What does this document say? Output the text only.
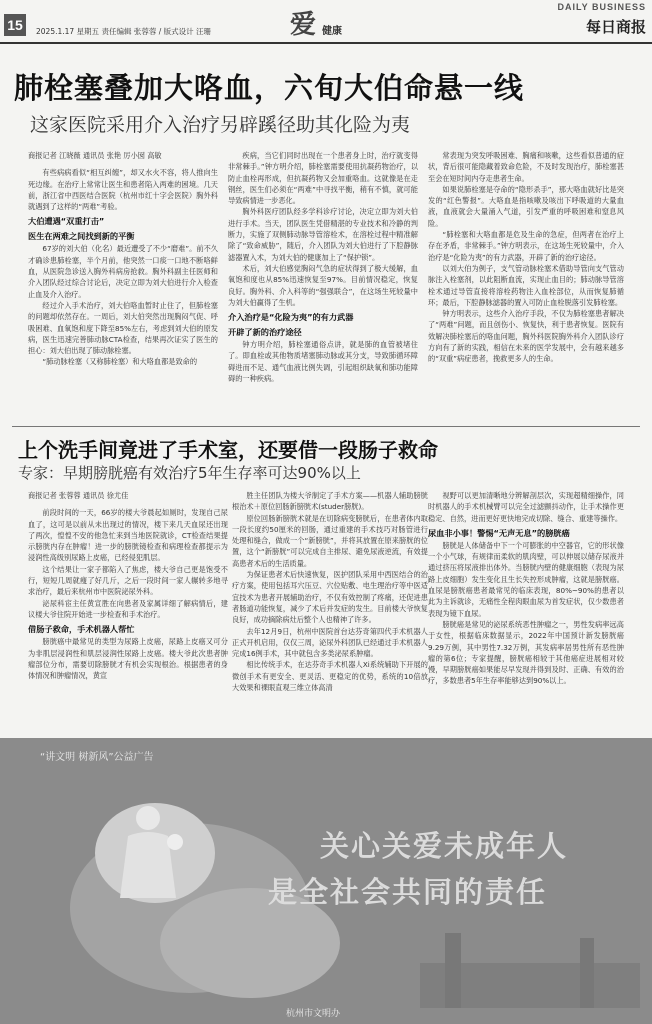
15	2025.1.17 星期五 责任编辑 张蓉蓉 / 版式设计 汪珊	爱 健康
DAILY BUSINESS
每日商报
肺栓塞叠加大咯血，六旬大伯命悬一线
这家医院采用介入治疗另辟蹊径助其化险为夷

商报记者 江晓薇 通讯员 张艳 厉小囡 高敏

有些病病看似“相互纠缠”，却又水火不容，将人推向生死边缘。在治疗上常常让医生和患者陷入两难的困境。几天前，浙江省中西医结合医院（杭州市红十字会医院）胸外科就遇到了这样的“两难”考验。

大伯遭遇“双重打击”
医生在两难之间找到新的平衡

67岁的刘大伯（化名）最近遭受了不少“磨难”。前不久才确诊患肺栓塞，半个月前，他突然一口痰一口地不断咯鲜血，从医院急诊送入胸外科病房抢救。胸外科副主任医师和介入团队经过综合讨论后，决定立即为刘大伯进行介入检查止血及介入治疗。

经过介入手术治疗，刘大伯咯血暂时止住了，但肺栓塞的问题却依然存在。一周后，刘大伯突然出现胸闷气促、呼吸困难、血氧饱和度下降至85%左右，考虑到刘大伯的原发病，医生迅速完善肺动脉CTA检查，结果再次证实了医生的担心：刘大伯出现了肺动脉栓塞。

“肺动脉栓塞（又称肺栓塞）和大咯血都是致命的

疾病，当它们同时出现在一个患者身上时，治疗就变得非常棘手。”钟方明介绍，肺栓塞需要使用抗凝药物治疗，以防止血栓再形成，但抗凝药物又会加重咯血。这就像是在走钢丝，医生们必须在“两难”中寻找平衡，稍有不慎，就可能导致病情进一步恶化。

胸外科医疗团队经多学科诊疗讨论，决定立即为刘大伯进行手术。当天，团队医生凭借精湛的专业技术和冷静的判断力，实施了双侧肺动脉导管溶栓术，在溶栓过程中精准解除了“致命威胁”，随后，介入团队为刘大伯进行了下腔静脉滤器置入术，为刘大伯的健康加上了“保护锁”。

术后，刘大伯感觉胸闷气急的症状得到了极大缓解，血氧饱和度也从85%迅速恢复至97%。目前情况稳定，恢复良好。胸外科、介入科等的“强强联合”，在这场生死较量中为刘大伯赢得了生机。

介入治疗是“化险为夷”的有力武器
开辟了新的治疗途径

钟方明介绍，肺栓塞通俗点讲，就是肺的血管被堵住了。即血栓或其他物质堵塞肺动脉或其分支，导致肺循环障碍进而不足、通气血液比例失调，引起组织缺氧和肺功能障碍的一种疾病。

常表现为突发呼吸困难、胸痛和咳嗽，这些看似普通的症状，背后很可能隐藏着致命危险，不及时发现治疗，肺栓塞甚至会在短时间内夺走患者生命。

如果说肺栓塞是夺命的“隐形杀手”，那大咯血就好比是突发的“红色警报”。大咯血是指咳嗽及咳出下呼吸道的大量血液，血液就会大量涌入气道，引发严重的呼吸困难和窒息风险。

“肺栓塞和大咯血都是危及生命的急症，但两者在治疗上存在矛盾，非常棘手。”钟方明表示，在这场生死较量中，介入治疗是“化险为夷”的有力武器，开辟了新的治疗途径。

以刘大伯为例子，支气管动脉栓塞术借助导管向支气管动脉注入栓塞剂，以此阻断血流，实现止血目的；肺动脉导管溶栓术通过导管直接将溶栓药物注入血栓部位，从而恢复肺循环；最后，下腔静脉滤器的置入可防止血栓脱落引发肺栓塞。

钟方明表示，这些介入治疗手段，不仅为肺栓塞患者解决了“两难”问题，而且创伤小、恢复快，利于患者恢复。医院有效解决肺栓塞后的咯血问题，胸外科医院胸外科介入团队诊疗方向有了新的实践，相信在未来的医学发展中，会有越来越多的“双重”病症患者，挽救更多人的生命。

上个洗手间竟进了手术室，还要借一段肠子救命
专家：早期膀胱癌有效治疗5年生存率可达90%以上

商报记者 张蓉蓉 通讯员 徐尤佳

前段时间的一天，66岁的楼大爷晨起如厕时，发现自己尿血了，这可是以前从未出现过的情况，楼下来几天血尿还出现了两次，惶惶不安的他急忙来到当地医院就诊，CT检查结果提示膀胱内存在肿瘤！进一步的膀胱镜检查和病理检查都提示为浸润性高级别尿路上皮癌，已经侵犯肌层。

这个结果让一家子都陷入了焦虑，楼大爷自己更是饱受不行，短短几周就瘦了好几斤，之后一段时间一家人辗转多地寻求治疗，最后来杭州市中医院泌尿外科。

泌尿科宦主任黄宣胜在向患者及家属详细了解病情后，建议楼大爷住院开始进一步检查和手术治疗。

借肠子救命，手术机器人帮忙

膀胱癌中最常见的类型为尿路上皮癌，尿路上皮癌又可分为非肌层浸润性和肌层浸润性尿路上皮癌。楼大爷此次患者肿瘤部位分布，需要切除膀胱才有机会实现根治。根据患者的身体情况和肿瘤情况，黄宣

胜主任团队为楼大爷制定了手术方案——机器人辅助膀胱根治术＋原位回肠新膀胱术(studer膀胱)。

原位回肠新膀胱术就是在切除病变膀胱后，在患者体内取一段长度约50厘米的回肠，通过重建的手术技巧对肠管进行处理和缝合，做成一个“新膀胱”，并将其放置在原来膀胱的位置，这个“新膀胱”可以完成自主排尿、避免尿液逆流，有效提高患者术后的生活质量。

为保证患者术后快速恢复，医护团队采用中西医结合的治疗方案，使用包括耳穴压豆、穴位贴敷、电生理治疗等中医适宜技术为患者开展辅助治疗，不仅有效控制了疼痛，还促进患者肠道功能恢复，减少了术后并发症的发生。目前楼大爷恢复良好，成功摘除病灶后整个人也精神了许多。

去年12月9日，杭州中医院首台达芬奇第四代手术机器人正式开机启用，仅仅三周，泌尿外科团队已经通过手术机器人完成16例手术，其中就包含多类泌尿系肿瘤。

相比传统手术，在达芬奇手术机器人Xi系统辅助下开展的微创手术有更安全、更灵活、更稳定的优势，系统的10倍放大效果和裸眼直观三维立体高清

视野可以更加清晰地分辨解剖层次，实现超精细操作，同时机器人的手术机械臂可以完全过滤颤抖动作，让手术操作更稳定、自然，进而更好更快地完成切除、缝合、重建等操作。

尿血非小事！警惕“无声无息”的膀胱癌

膀胱是人体储备中下一个可膨胀的中空器官，它的形状像一个小气球，有规律而柔软的肌肉壁，可以伸展以储存尿液并通过挤压将尿液排出体外。当膀胱内壁的健康细胞（表现为尿路上皮细胞）发生变化且生长失控形成肿瘤，这就是膀胱癌。血尿是膀胱癌患者最常见的临床表现，80%~90%的患者以此为主诉就诊，无痛性全程肉眼血尿为首发症状，仅少数患者表现为镜下血尿。

膀胱癌是常见的泌尿系统恶性肿瘤之一，男性发病率远高于女性，根据临床数据显示，2022年中国预计新发膀胱癌9.29万例，其中男性7.32万例，其发病率居男性所有恶性肿瘤的第6位；专家提醒，膀胱癌相较于其他癌症进展相对较慢，早期膀胱癌如果能尽早发现并得到及时、正确、有效的治疗，多数患者5年生存率能够达到90%以上。

“讲文明 树新风”公益广告
关心关爱未成年人
是全社会共同的责任
杭州市文明办
